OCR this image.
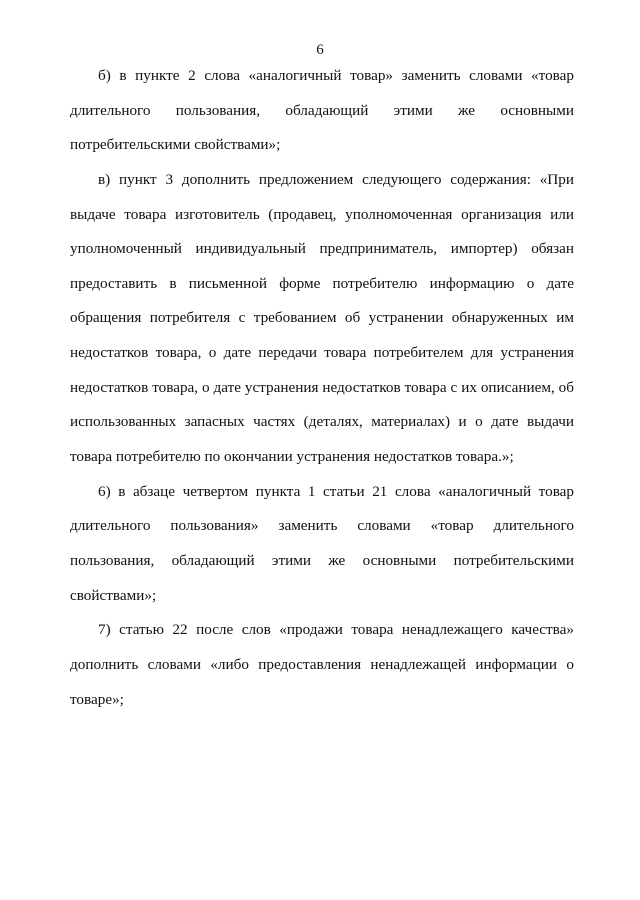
6
б) в пункте 2 слова «аналогичный товар» заменить словами «товар
длительного пользования, обладающий этими же основными
потребительскими свойствами»;
в) пункт 3 дополнить предложением следующего содержания: «При
выдаче товара изготовитель (продавец, уполномоченная организация или
уполномоченный индивидуальный предприниматель, импортер) обязан
предоставить в письменной форме потребителю информацию о дате
обращения потребителя с требованием об устранении обнаруженных им
недостатков товара, о дате передачи товара потребителем для устранения
недостатков товара, о дате устранения недостатков товара с их описанием, об
использованных запасных частях (деталях, материалах) и о дате выдачи
товара потребителю по окончании устранения недостатков товара.»;
6) в абзаце четвертом пункта 1 статьи 21 слова «аналогичный товар
длительного пользования» заменить словами «товар длительного
пользования, обладающий этими же основными потребительскими
свойствами»;
7) статью 22 после слов «продажи товара ненадлежащего качества»
дополнить словами «либо предоставления ненадлежащей информации о
товаре»;
